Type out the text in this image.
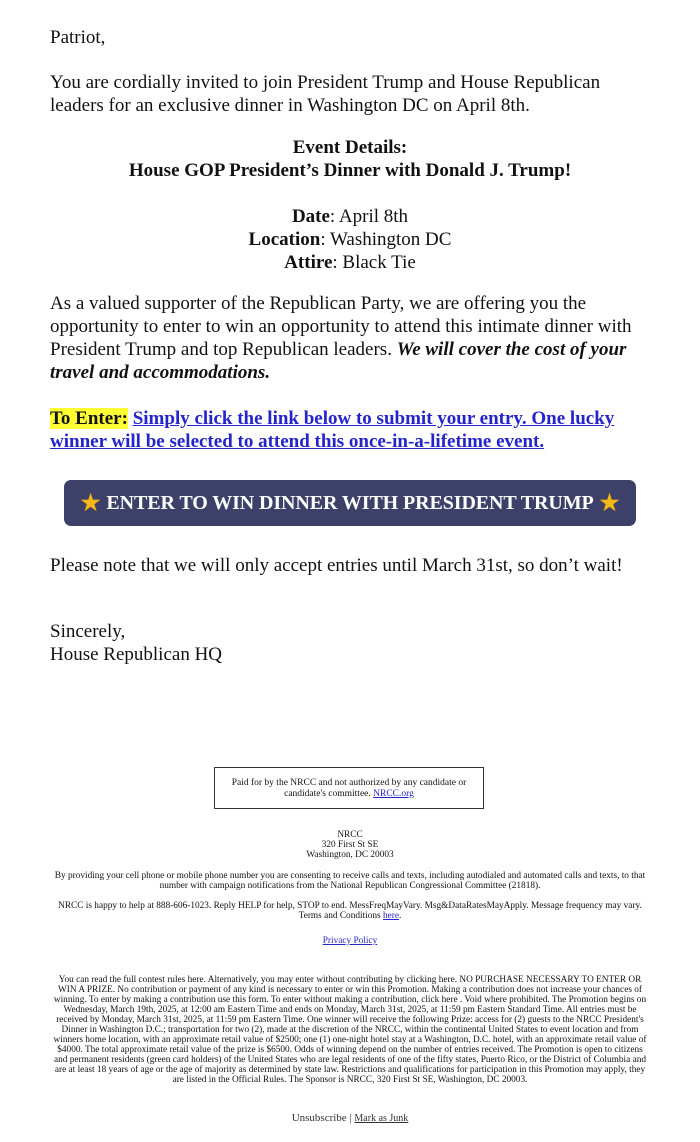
Patriot,
You are cordially invited to join President Trump and House Republican leaders for an exclusive dinner in Washington DC on April 8th.
Event Details:
House GOP President’s Dinner with Donald J. Trump!
Date: April 8th
Location: Washington DC
Attire: Black Tie
As a valued supporter of the Republican Party, we are offering you the opportunity to enter to win an opportunity to attend this intimate dinner with President Trump and top Republican leaders. We will cover the cost of your travel and accommodations.
To Enter: Simply click the link below to submit your entry. One lucky winner will be selected to attend this once-in-a-lifetime event.
★ ENTER TO WIN DINNER WITH PRESIDENT TRUMP ★
Please note that we will only accept entries until March 31st, so don’t wait!
Sincerely,
House Republican HQ
Paid for by the NRCC and not authorized by any candidate or candidate's committee. NRCC.org
NRCC
320 First St SE
Washington, DC 20003
By providing your cell phone or mobile phone number you are consenting to receive calls and texts, including autodialed and automated calls and texts, to that number with campaign notifications from the National Republican Congressional Committee (21818).
NRCC is happy to help at 888-606-1023. Reply HELP for help, STOP to end. MessFreqMayVary. Msg&DataRatesMayApply. Message frequency may vary. Terms and Conditions here.
Privacy Policy
You can read the full contest rules here. Alternatively, you may enter without contributing by clicking here. NO PURCHASE NECESSARY TO ENTER OR WIN A PRIZE. No contribution or payment of any kind is necessary to enter or win this Promotion. Making a contribution does not increase your chances of winning. To enter by making a contribution use this form. To enter without making a contribution, click here . Void where prohibited. The Promotion begins on Wednesday, March 19th, 2025, at 12:00 am Eastern Time and ends on Monday, March 31st, 2025, at 11:59 pm Eastern Standard Time. All entries must be received by Monday, March 31st, 2025, at 11:59 pm Eastern Time. One winner will receive the following Prize: access for (2) guests to the NRCC President's Dinner in Washington D.C.; transportation for two (2), made at the discretion of the NRCC, within the continental United States to event location and from winners home location, with an approximate retail value of $2500; one (1) one-night hotel stay at a Washington, D.C. hotel, with an approximate retail value of $4000. The total approximate retail value of the prize is $6500. Odds of winning depend on the number of entries received. The Promotion is open to citizens and permanent residents (green card holders) of the United States who are legal residents of one of the fifty states, Puerto Rico, or the District of Columbia and are at least 18 years of age or the age of majority as determined by state law. Restrictions and qualifications for participation in this Promotion may apply, they are listed in the Official Rules. The Sponsor is NRCC, 320 First St SE, Washington, DC 20003.
Unsubscribe | Mark as Junk
